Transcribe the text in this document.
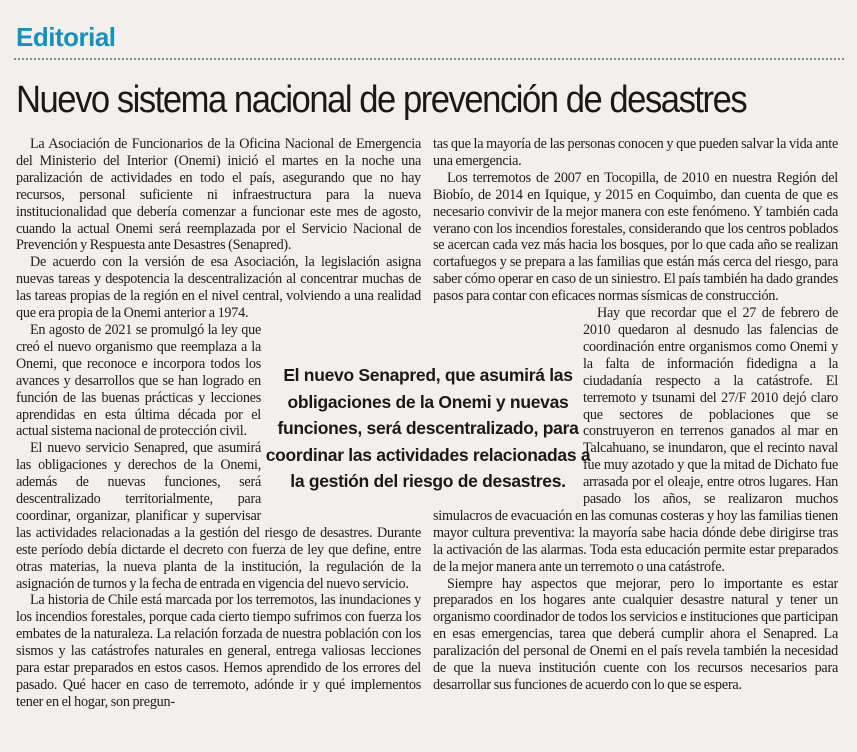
Editorial
Nuevo sistema nacional de prevención de desastres

La Asociación de Funcionarios de la Oficina Nacional de Emergencia del Ministerio del Interior (Onemi) inició el martes en la noche una paralización de actividades en todo el país, asegurando que no hay recursos, personal suficiente ni infraestructura para la nueva institucionalidad que debería comenzar a funcionar este mes de agosto, cuando la actual Onemi será reemplazada por el Servicio Nacional de Prevención y Respuesta ante Desastres (Senapred).

De acuerdo con la versión de esa Asociación, la legislación asigna nuevas tareas y despotencia la descentralización al concentrar muchas de las tareas propias de la región en el nivel central, volviendo a una realidad que era propia de la Onemi anterior a 1974.

En agosto de 2021 se promulgó la ley que creó el nuevo organismo que reemplaza a la Onemi, que reconoce e incorpora todos los avances y desarrollos que se han logrado en función de las buenas prácticas y lecciones aprendidas en esta última década por el actual sistema nacional de protección civil.

El nuevo servicio Senapred, que asumirá las obligaciones y derechos de la Onemi, además de nuevas funciones, será descentralizado territorialmente, para coordinar, organizar, planificar y supervisar las actividades relacionadas a la gestión del riesgo de desastres. Durante este período debía dictarde el decreto con fuerza de ley que define, entre otras materias, la nueva planta de la institución, la regulación de la asignación de turnos y la fecha de entrada en vigencia del nuevo servicio.

La historia de Chile está marcada por los terremotos, las inundaciones y los incendios forestales, porque cada cierto tiempo sufrimos con fuerza los embates de la naturaleza. La relación forzada de nuestra población con los sismos y las catástrofes naturales en general, entrega valiosas lecciones para estar preparados en estos casos. Hemos aprendido de los errores del pasado. Qué hacer en caso de terremoto, adónde ir y qué implementos tener en el hogar, son pregun-

tas que la mayoría de las personas conocen y que pueden salvar la vida ante una emergencia.

Los terremotos de 2007 en Tocopilla, de 2010 en nuestra Región del Biobío, de 2014 en Iquique, y 2015 en Coquimbo, dan cuenta de que es necesario convivir de la mejor manera con este fenómeno. Y también cada verano con los incendios forestales, considerando que los centros poblados se acercan cada vez más hacia los bosques, por lo que cada año se realizan cortafuegos y se prepara a las familias que están más cerca del riesgo, para saber cómo operar en caso de un siniestro. El país también ha dado grandes pasos para contar con eficaces normas sísmicas de construcción.

Hay que recordar que el 27 de febrero de 2010 quedaron al desnudo las falencias de coordinación entre organismos como Onemi y la falta de información fidedigna a la ciudadanía respecto a la catástrofe. El terremoto y tsunami del 27/F 2010 dejó claro que sectores de poblaciones que se construyeron en terrenos ganados al mar en Talcahuano, se inundaron, que el recinto naval fue muy azotado y que la mitad de Dichato fue arrasada por el oleaje, entre otros lugares. Han pasado los años, se realizaron muchos simulacros de evacuación en las comunas costeras y hoy las familias tienen mayor cultura preventiva: la mayoría sabe hacia dónde debe dirigirse tras la activación de las alarmas. Toda esta educación permite estar preparados de la mejor manera ante un terremoto o una catástrofe.

Siempre hay aspectos que mejorar, pero lo importante es estar preparados en los hogares ante cualquier desastre natural y tener un organismo coordinador de todos los servicios e instituciones que participan en esas emergencias, tarea que deberá cumplir ahora el Senapred. La paralización del personal de Onemi en el país revela también la necesidad de que la nueva institución cuente con los recursos necesarios para desarrollar sus funciones de acuerdo con lo que se espera.

El nuevo Senapred, que asumirá las obligaciones de la Onemi y nuevas funciones, será descentralizado, para coordinar las actividades relacionadas a la gestión del riesgo de desastres.
